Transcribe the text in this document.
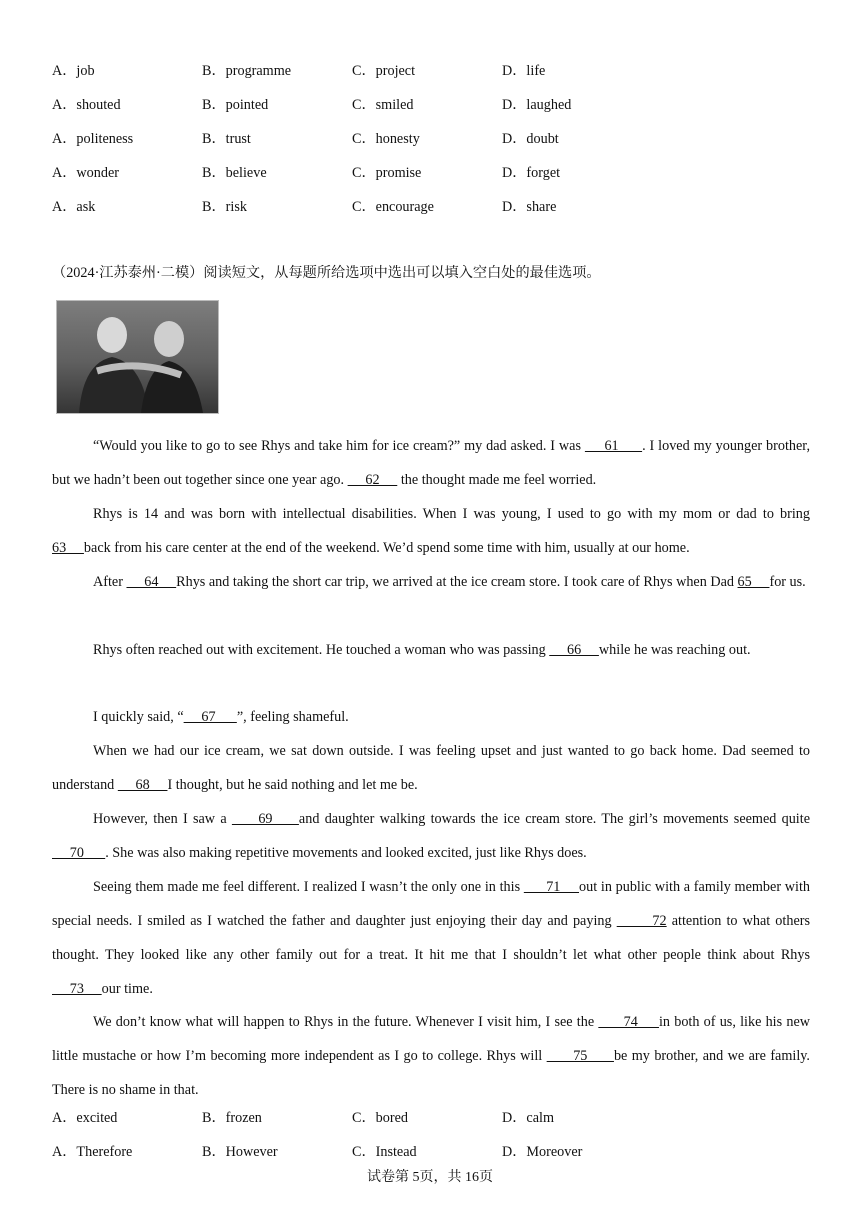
A．job	B．programme	C．project	D．life
A．shouted	B．pointed	C．smiled	D．laughed
A．politeness	B．trust	C．honesty	D．doubt
A．wonder	B．believe	C．promise	D．forget
A．ask	B．risk	C．encourage	D．share
（2024·江苏泰州·二模）阅读短文，从每题所给选项中选出可以填入空白处的最佳选项。
“Would you like to go to see Rhys and take him for ice cream?” my dad asked. I was      61      . I loved my younger brother, but we hadn’t been out together since one year ago.      62      the thought made me feel worried.
Rhys is 14 and was born with intellectual disabilities. When I was young, I used to go with my mom or dad to bring 63     back from his care center at the end of the weekend. We’d spend some time with him, usually at our home.
After      64     Rhys and taking the short car trip, we arrived at the ice cream store. I took care of Rhys when Dad 65     for us.
Rhys often reached out with excitement. He touched a woman who was passing      66     while he was reaching out.
I quickly said, “     67      ”, feeling shameful.
When we had our ice cream, we sat down outside. I was feeling upset and just wanted to go back home. Dad seemed to understand      68     I thought, but he said nothing and let me be.
However, then I saw a      69     and daughter walking towards the ice cream store. The girl’s movements seemed quite      70      . She was also making repetitive movements and looked excited, just like Rhys does.
Seeing them made me feel different. I realized I wasn’t the only one in this       71     out in public with a family member with special needs. I smiled as I watched the father and daughter just enjoying their day and paying        72 attention to what others thought. They looked like any other family out for a treat. It hit me that I shouldn’t let what other people think about Rhys      73     our time.
We don’t know what will happen to Rhys in the future. Whenever I visit him, I see the       74     in both of us, like his new little mustache or how I’m becoming more independent as I go to college. Rhys will       75      be my brother, and we are family. There is no shame in that.
A．excited	B．frozen	C．bored	D．calm
A．Therefore	B．However	C．Instead	D．Moreover
试卷第 5页，共 16页
